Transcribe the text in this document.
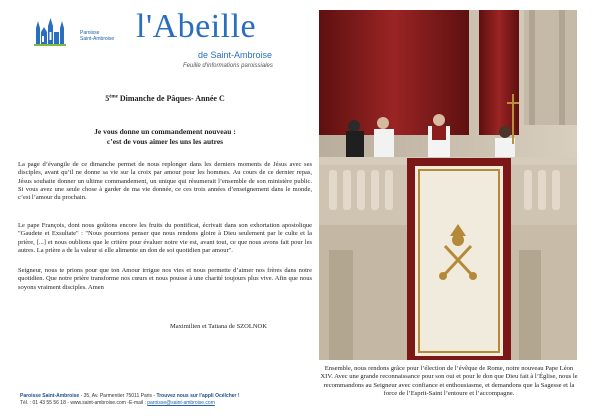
Paroisse
Saint-Ambroise l'Abeille
de Saint-Ambroise
Feuille d'informations paroissiales
5ème Dimanche de Pâques- Année C
Je vous donne un commandement nouveau :
c’est de vous aimer les uns les autres
La page d’évangile de ce dimanche permet de nous replonger dans les derniers moments de Jésus avec ses disciples, avant qu’il ne donne sa vie sur la croix par amour pour les hommes. Au cours de ce dernier repas, Jésus souhaite donner un ultime commandement, un unique qui résumerait l’ensemble de son ministère public. Si vous avez une seule chose à garder de ma vie donnée, ce ces trois années d’enseignement dans le monde, c’est l’amour du prochain.
Le pape François, dont nous goûtons encore les fruits du pontificat, écrivait dans son exhortation apostolique "Gaudete et Exsultate" : "Nous pourrions penser que nous rendons gloire à Dieu seulement par le culte et la prière, [...] et nous oublions que le critère pour évaluer notre vie est, avant tout, ce que nous avons fait pour les autres. La prière a de la valeur si elle alimente un don de soi quotidien par amour".
Seigneur, nous te prions pour que ton Amour irrigue nos vies et nous permette d’aimer nos frères dans notre quotidien. Que notre prière transforme nos cœurs et nous pousse à une charité toujours plus vive. Afin que nous soyons vraiment disciples. Amen
Maximilien et Tatiana de SZOLNOK
Paroisse Saint-Ambroise - 35, Av. Parmentier 75011 Paris - Trouvez nous sur l’appli Océlcher !
Tél. : 01 43 55 56 18 - www.saint-ambroise.com -E-mail : paroisse@saint-ambroise.com
Ensemble, nous rendons grâce pour l’élection de l’évêque de Rome, notre nouveau Pape Léon XIV. Avec une grande reconnaissance pour son oui et pour le don que Dieu fait à l’Église, nous le recommandons au Seigneur avec confiance et enthousiasme, et demandons que la Sagesse et la force de l’Esprit-Saint l’entoure et l’accompagne.
